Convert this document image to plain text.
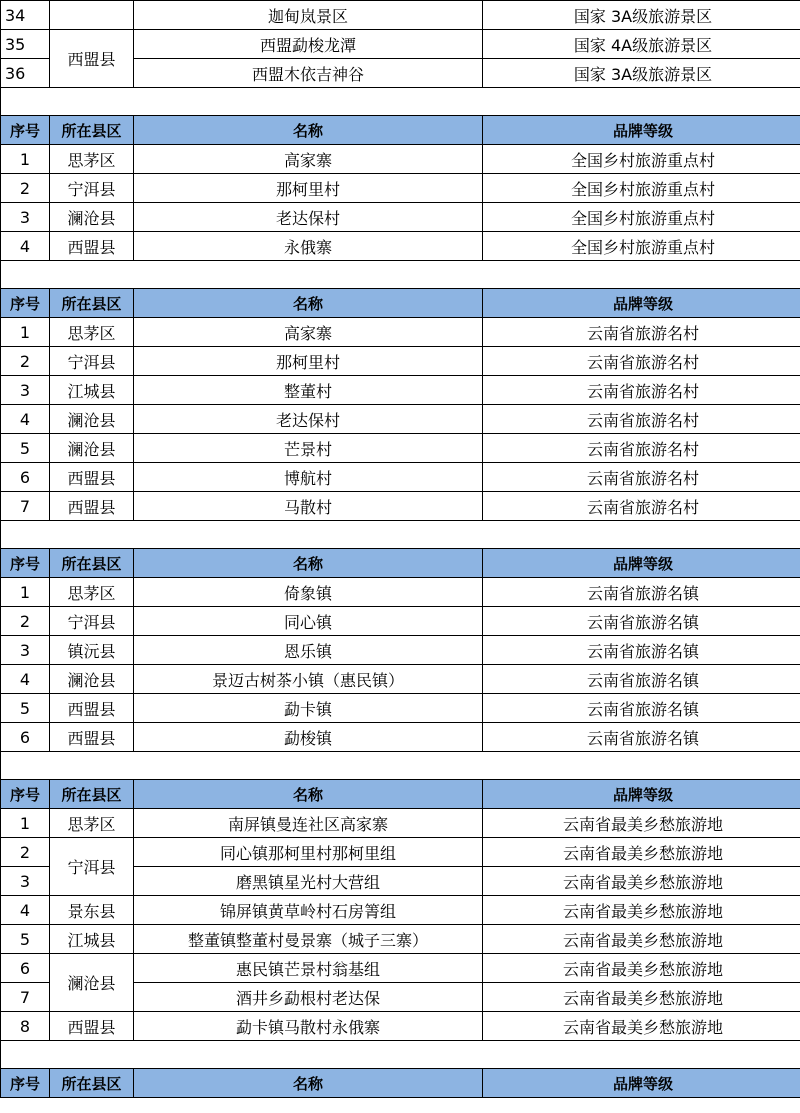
34		迦甸岚景区	国家 3A级旅游景区
35	西盟县	西盟勐梭龙潭	国家 4A级旅游景区
36		西盟木依吉神谷	国家 3A级旅游景区

序号	所在县区	名称	品牌等级
1	思茅区	高家寨	全国乡村旅游重点村
2	宁洱县	那柯里村	全国乡村旅游重点村
3	澜沧县	老达保村	全国乡村旅游重点村
4	西盟县	永俄寨	全国乡村旅游重点村

序号	所在县区	名称	品牌等级
1	思茅区	高家寨	云南省旅游名村
2	宁洱县	那柯里村	云南省旅游名村
3	江城县	整董村	云南省旅游名村
4	澜沧县	老达保村	云南省旅游名村
5	澜沧县	芒景村	云南省旅游名村
6	西盟县	博航村	云南省旅游名村
7	西盟县	马散村	云南省旅游名村

序号	所在县区	名称	品牌等级
1	思茅区	倚象镇	云南省旅游名镇
2	宁洱县	同心镇	云南省旅游名镇
3	镇沅县	恩乐镇	云南省旅游名镇
4	澜沧县	景迈古树茶小镇（惠民镇）	云南省旅游名镇
5	西盟县	勐卡镇	云南省旅游名镇
6	西盟县	勐梭镇	云南省旅游名镇

序号	所在县区	名称	品牌等级
1	思茅区	南屏镇曼连社区高家寨	云南省最美乡愁旅游地
2	宁洱县	同心镇那柯里村那柯里组	云南省最美乡愁旅游地
3		磨黑镇星光村大营组	云南省最美乡愁旅游地
4	景东县	锦屏镇黄草岭村石房箐组	云南省最美乡愁旅游地
5	江城县	整董镇整董村曼景寨（城子三寨）	云南省最美乡愁旅游地
6	澜沧县	惠民镇芒景村翁基组	云南省最美乡愁旅游地
7		酒井乡勐根村老达保	云南省最美乡愁旅游地
8	西盟县	勐卡镇马散村永俄寨	云南省最美乡愁旅游地

序号	所在县区	名称	品牌等级
